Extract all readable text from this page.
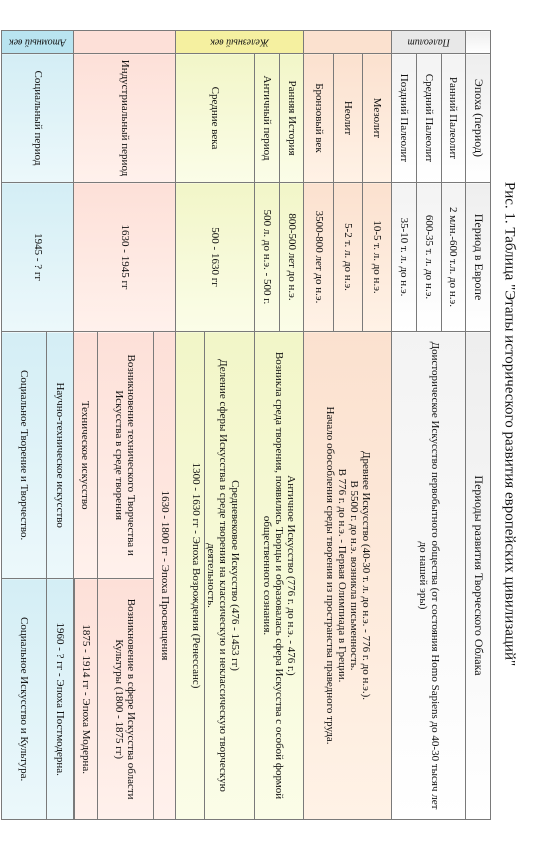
	Эпоха (период)	Период в Европе	Периоды развития Творческого Облака	
Палеолит	Ранний Палеолит	2 млн.-600 т.л. до н.э.	Доисторическое Искусство первобытного общества (от состояния Homo Sapiens до 40-30 тысяч лет до нашей эры)	
	Средний Палеолит	600-35 т. л. до н.э.		
	Поздний Палеолит	35-10 т. л. до н.э.		
	Мезолит	10-5 т. л. до н.э.	Древнее Искусство (40-30 т. л. до н.э. - 776 г. до н.э.).
В 5500 г. до н.э. возникла письменность.
В 776 г. до н.э. - Первая Олимпиада в Греции.
Начало обособления среды творения из пространства праведного труда.	

	Неолит	5-2 т. л. до н.э.		
	Бронзовый век	3500-800 лет до н.э.		
Железный век	Ранняя История	800-500 лет до н.э.	Античное Искусство (776 г. до н.э. - 476 г.)
Возникла среда творения, появились Творцы и образовалась сфера Искусства с особой формой общественного сознания.	

	Античный период	500 л. до н.э. - 500 г.		
	Средние века	500 - 1630 гг	Средневековое Искусство (476 - 1453 гг)
Деление сферы Искусства в среде творения на классическую и неклассическую творческую деятельность.
1300 - 1630 гг - Эпоха Возрождения (Ренессанс)	

	Индустриальный период	1630 - 1945 гг	1630 - 1800 гг - Эпоха Просвещения	
			Возникновение технического Творчества и Искусства в среде творения	Возникновение в сфере Искусства области Культуры (1800 - 1875 гг)
			Техническое искусство	1875 - 1914 гг - Эпоха Модерна.

Атомный век	Социальный период	1945 - ? гг	Научно-техническое искусство	1960 - ? гг - Эпоха Постмодерна.
			Социальное Творение и Творчество.	Социальное Искусство и Культура.
Рис. 1. Таблица "Этапы исторического развития европейских цивилизаций"
